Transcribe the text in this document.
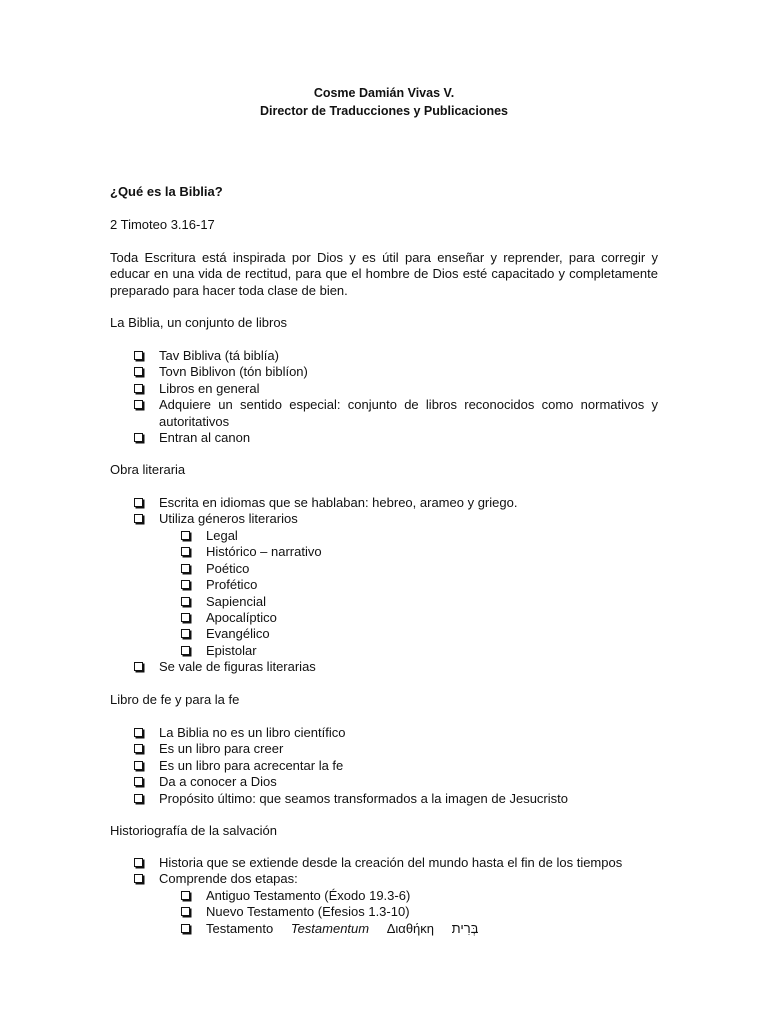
Cosme Damián Vivas V.
Director de Traducciones y Publicaciones
¿Qué es la Biblia?
2 Timoteo 3.16-17
Toda Escritura está inspirada por Dios y es útil para enseñar y reprender, para corregir y educar en una vida de rectitud, para que el hombre de Dios esté capacitado y completamente preparado para hacer toda clase de bien.
La Biblia, un conjunto de libros
Tav Bibliva (tá biblía)
Tovn Biblivon (tón biblíon)
Libros en general
Adquiere un sentido especial: conjunto de libros reconocidos como normativos y autoritativos
Entran al canon
Obra literaria
Escrita en idiomas que se hablaban: hebreo, arameo y griego.
Utiliza géneros literarios
Legal
Histórico – narrativo
Poético
Profético
Sapiencial
Apocalíptico
Evangélico
Epistolar
Se vale de figuras literarias
Libro de fe y para la fe
La Biblia no es un libro científico
Es un libro para creer
Es un libro para acrecentar la fe
Da a conocer a Dios
Propósito último: que seamos transformados a la imagen de Jesucristo
Historiografía de la salvación
Historia que se extiende desde la creación del mundo hasta el fin de los tiempos
Comprende dos etapas:
Antiguo Testamento (Éxodo 19.3-6)
Nuevo Testamento (Efesios 1.3-10)
Testamento Testamentum Διαθήκη בְּרִית
